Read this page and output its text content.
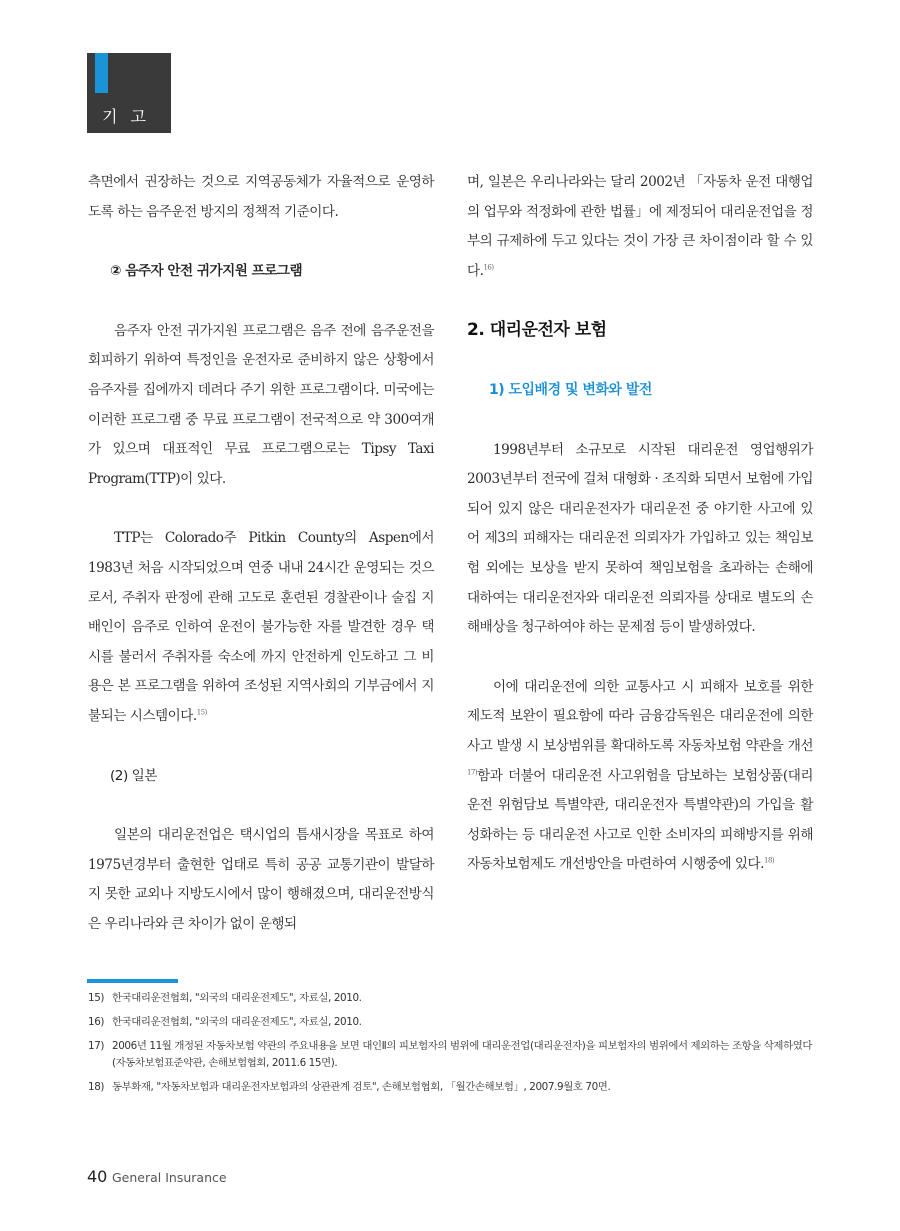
기 고

측면에서 권장하는 것으로 지역공동체가 자율적으로 운영하도록 하는 음주운전 방지의 정책적 기준이다.

② 음주자 안전 귀가지원 프로그램

음주자 안전 귀가지원 프로그램은 음주 전에 음주운전을 회피하기 위하여 특정인을 운전자로 준비하지 않은 상황에서 음주자를 집에까지 데려다 주기 위한 프로그램이다. 미국에는 이러한 프로그램 중 무료 프로그램이 전국적으로 약 300여개가 있으며 대표적인 무료 프로그램으로는 Tipsy Taxi Program(TTP)이 있다.

TTP는 Colorado주 Pitkin County의 Aspen에서 1983년 처음 시작되었으며 연중 내내 24시간 운영되는 것으로서, 주취자 판정에 관해 고도로 훈련된 경찰관이나 술집 지배인이 음주로 인하여 운전이 불가능한 자를 발견한 경우 택시를 불러서 주취자를 숙소에 까지 안전하게 인도하고 그 비용은 본 프로그램을 위하여 조성된 지역사회의 기부금에서 지불되는 시스템이다.$^{15)}$

(2) 일본

일본의 대리운전업은 택시업의 틈새시장을 목표로 하여 1975년경부터 출현한 업태로 특히 공공 교통기관이 발달하지 못한 교외나 지방도시에서 많이 행해졌으며, 대리운전방식은 우리나라와 큰 차이가 없이 운행되

며, 일본은 우리나라와는 달리 2002년 「자동차 운전 대행업의 업무와 적정화에 관한 법률」에 제정되어 대리운전업을 정부의 규제하에 두고 있다는 것이 가장 큰 차이점이라 할 수 있다.$^{16)}$

2. 대리운전자 보험
1) 도입배경 및 변화와 발전

1998년부터 소규모로 시작된 대리운전 영업행위가 2003년부터 전국에 걸쳐 대형화 · 조직화 되면서 보험에 가입되어 있지 않은 대리운전자가 대리운전 중 야기한 사고에 있어 제3의 피해자는 대리운전 의뢰자가 가입하고 있는 책임보험 외에는 보상을 받지 못하여 책임보험을 초과하는 손해에 대하여는 대리운전자와 대리운전 의뢰자를 상대로 별도의 손해배상을 청구하여야 하는 문제점 등이 발생하였다.

이에 대리운전에 의한 교통사고 시 피해자 보호를 위한 제도적 보완이 필요함에 따라 금융감독원은 대리운전에 의한 사고 발생 시 보상범위를 확대하도록 자동차보험 약관을 개선$^{17)}$함과 더불어 대리운전 사고위험을 담보하는 보험상품(대리운전 위험담보 특별약관, 대리운전자 특별약관)의 가입을 활성화하는 등 대리운전 사고로 인한 소비자의 피해방지를 위해 자동차보험제도 개선방안을 마련하여 시행중에 있다.$^{18)}$

15) 한국대리운전협회, "외국의 대리운전제도", 자료실, 2010.
16) 한국대리운전협회, "외국의 대리운전제도", 자료실, 2010.
17) 2006년 11월 개정된 자동차보험 약관의 주요내용을 보면 대인Ⅱ의 피보험자의 범위에 대리운전업(대리운전자)을 피보험자의 범위에서 제외하는 조항을 삭제하였다(자동차보험표준약관, 손해보험협회, 2011.6 15면).
18) 동부화재, "자동차보험과 대리운전자보험과의 상관관계 검토", 손해보험협회, 「월간손해보험」, 2007.9월호 70면.
40 General Insurance
